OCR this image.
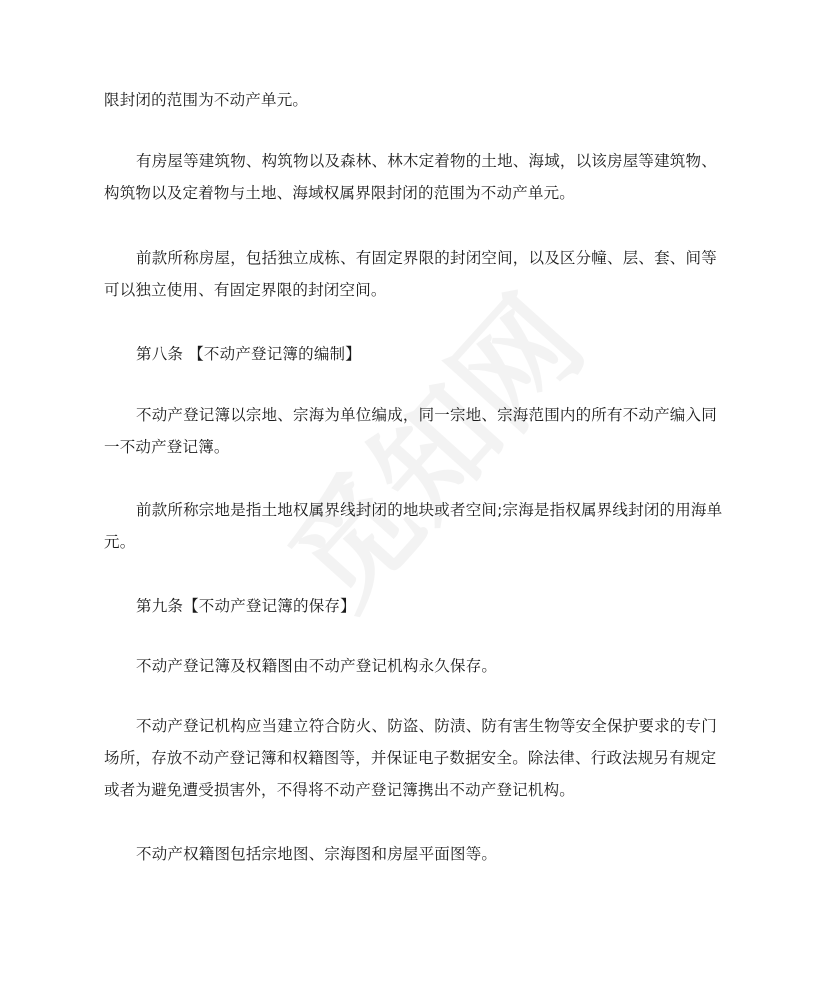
限封闭的范围为不动产单元。

有房屋等建筑物、构筑物以及森林、林木定着物的土地、海域，以该房屋等建筑物、构筑物以及定着物与土地、海域权属界限封闭的范围为不动产单元。

前款所称房屋，包括独立成栋、有固定界限的封闭空间，以及区分幢、层、套、间等可以独立使用、有固定界限的封闭空间。

第八条 【不动产登记簿的编制】

不动产登记簿以宗地、宗海为单位编成，同一宗地、宗海范围内的所有不动产编入同一不动产登记簿。

前款所称宗地是指土地权属界线封闭的地块或者空间;宗海是指权属界线封闭的用海单元。

第九条【不动产登记簿的保存】

不动产登记簿及权籍图由不动产登记机构永久保存。

不动产登记机构应当建立符合防火、防盗、防渍、防有害生物等安全保护要求的专门场所，存放不动产登记簿和权籍图等，并保证电子数据安全。除法律、行政法规另有规定或者为避免遭受损害外，不得将不动产登记簿携出不动产登记机构。

不动产权籍图包括宗地图、宗海图和房屋平面图等。
